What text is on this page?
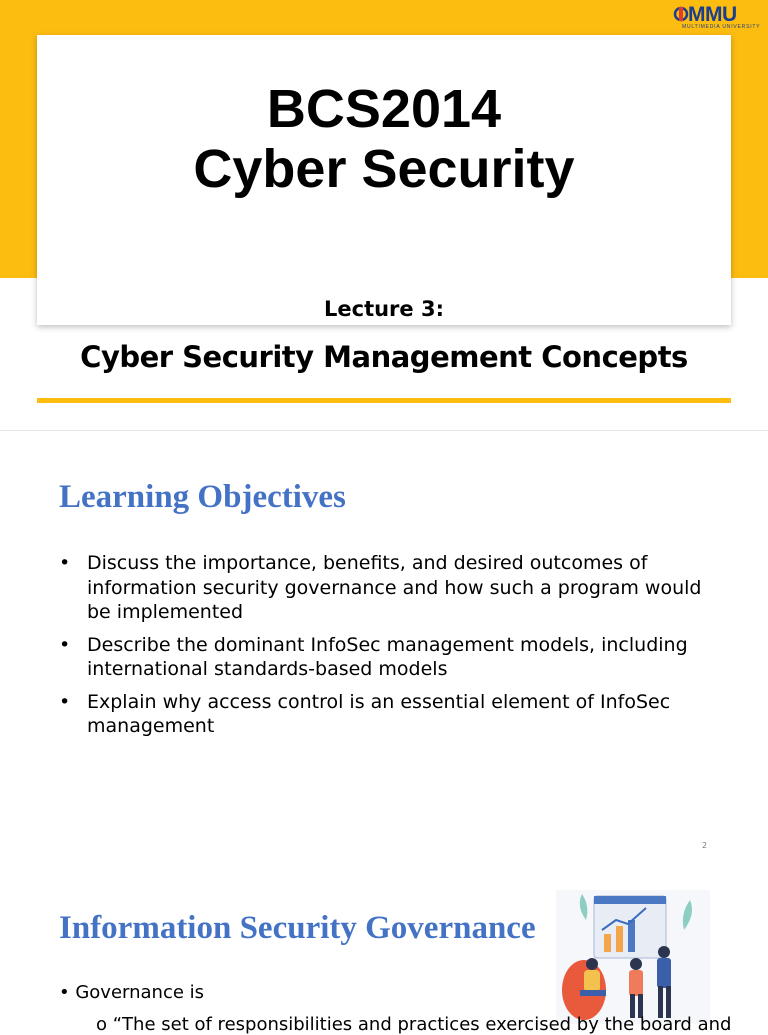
MMU
MULTIMEDIA UNIVERSITY
BCS2014
Cyber Security
Lecture 3:
Cyber Security Management Concepts
Learning Objectives
• Discuss the importance, benefits, and desired outcomes of information security governance and how such a program would be implemented
• Describe the dominant InfoSec management models, including international standards-based models
• Explain why access control is an essential element of InfoSec management
2
Information Security Governance
• Governance is
o “The set of responsibilities and practices exercised by the board and
